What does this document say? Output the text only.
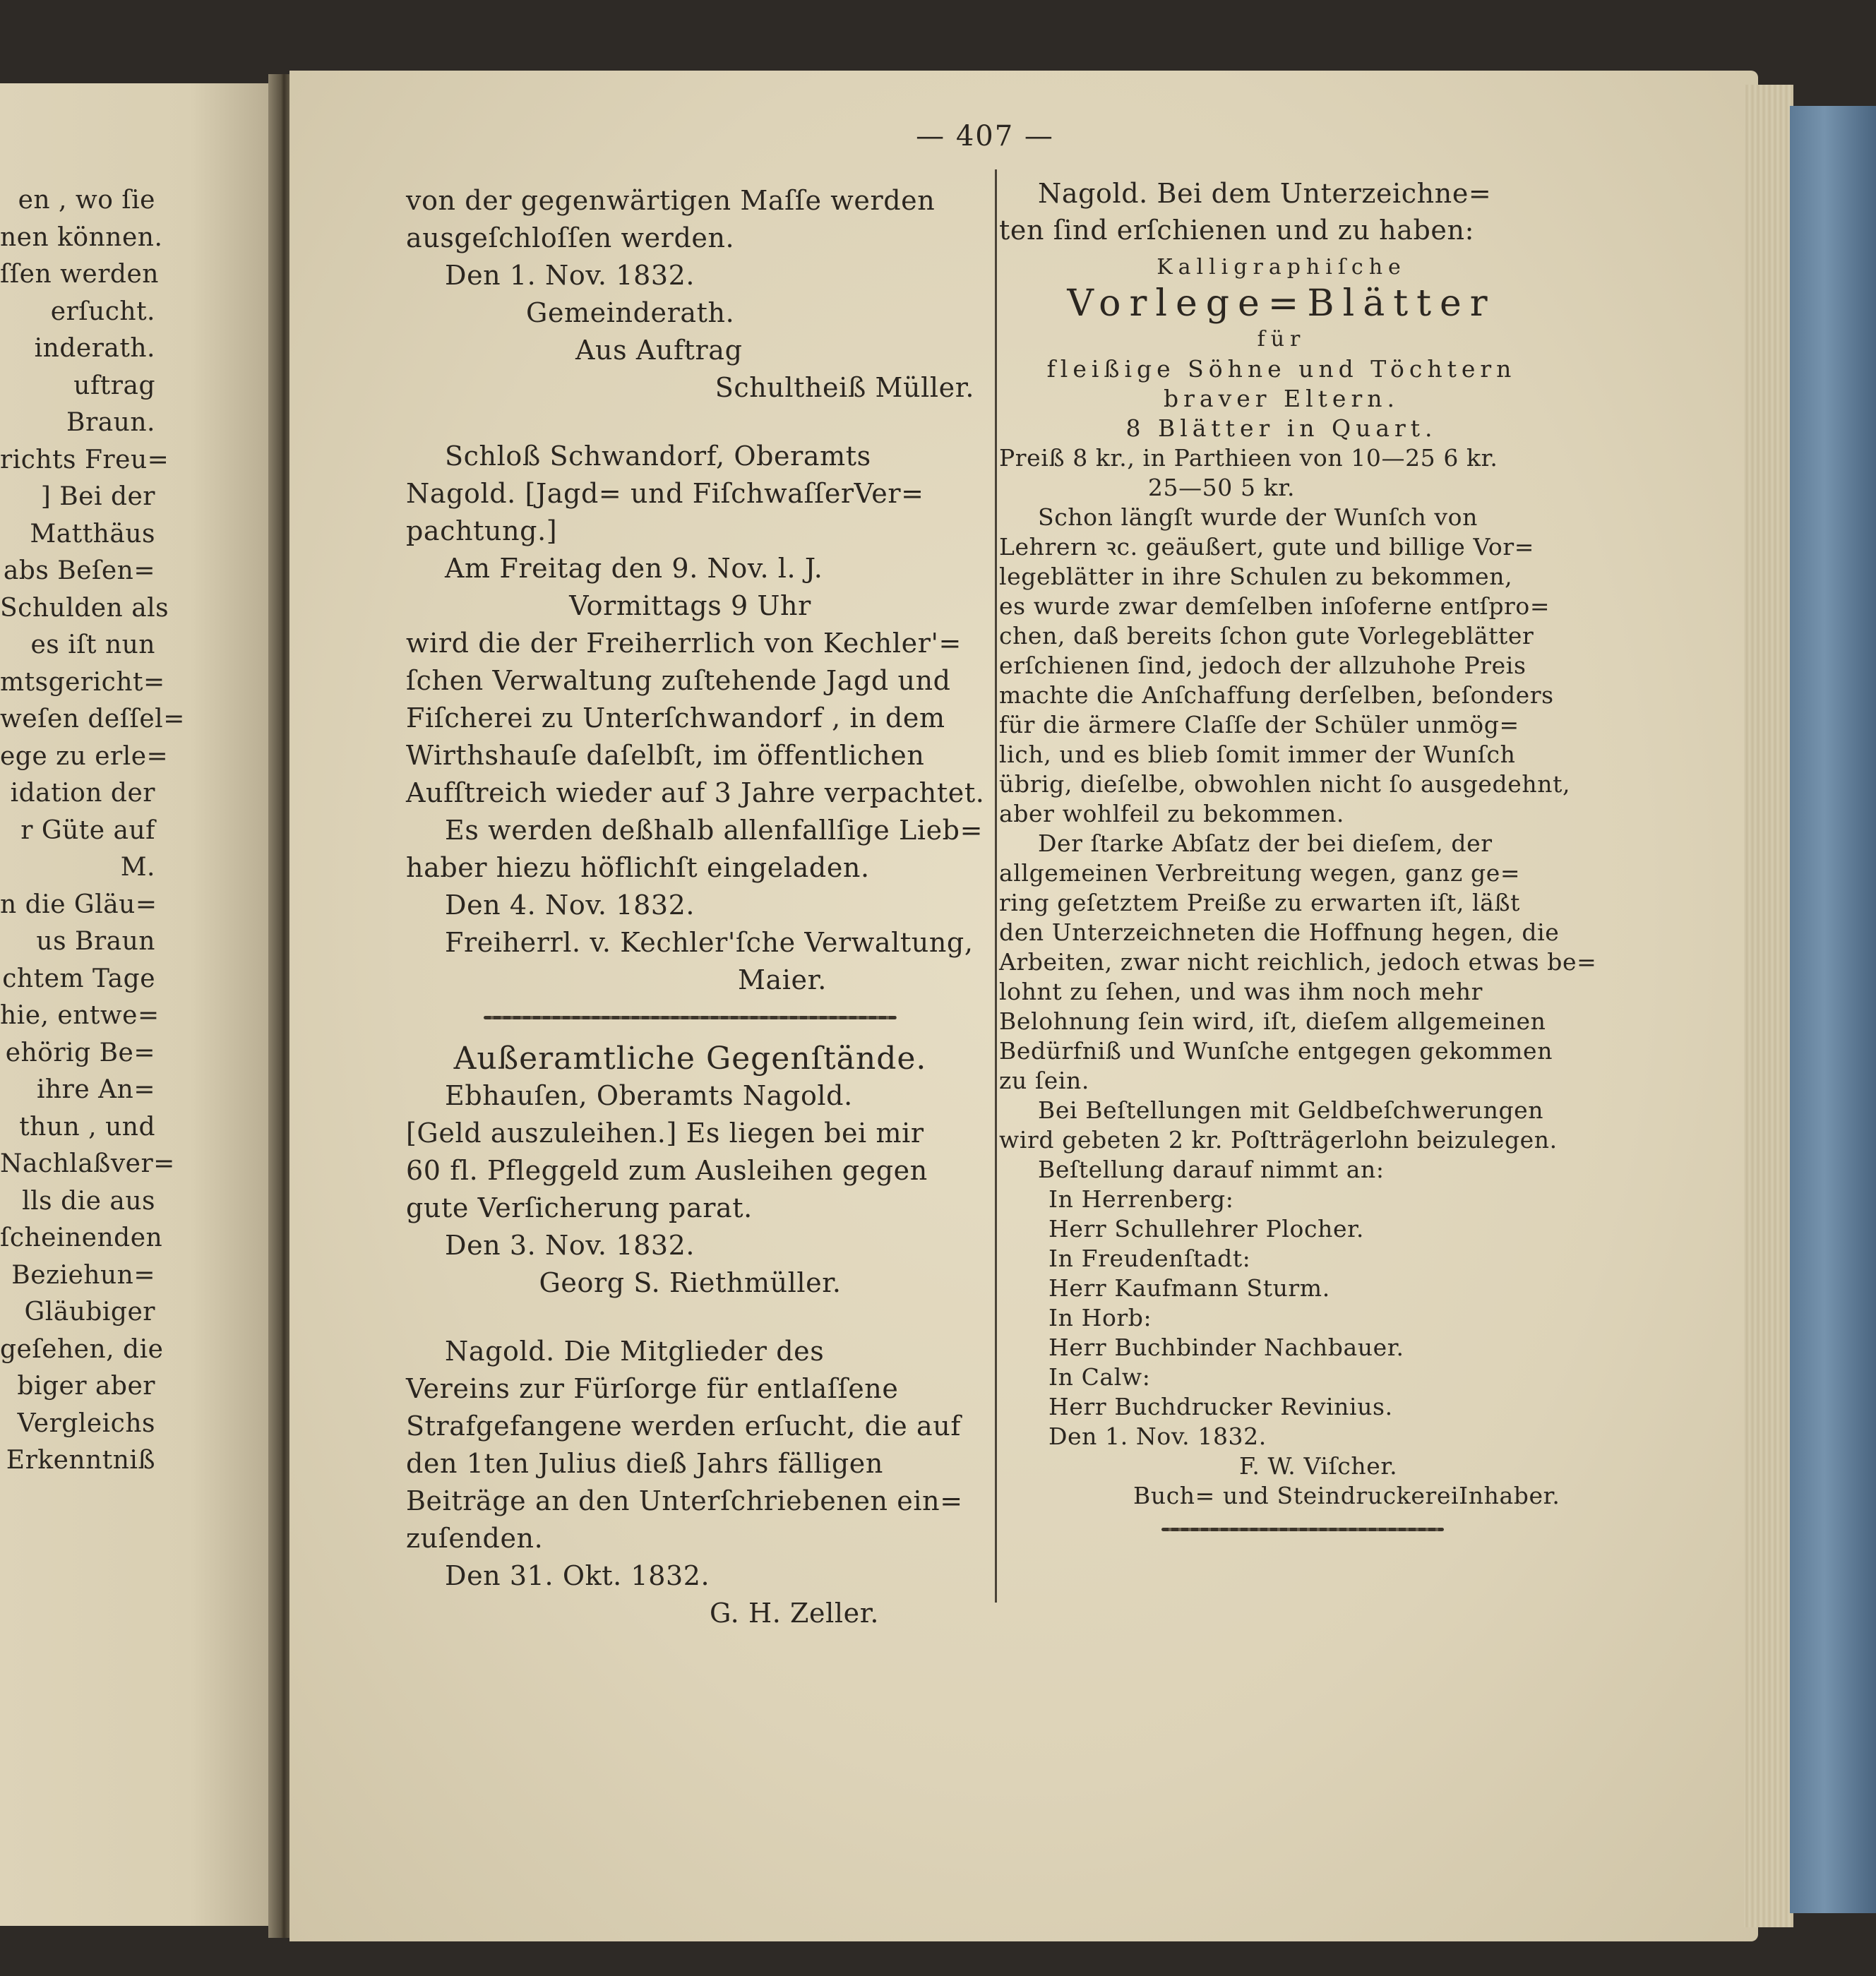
en , wo ſie
nen können.
ſſen werden
erſucht.
inderath.
uftrag
Braun.
richts Freu=
] Bei der
Matthäus
abs Beſen=
Schulden als
es iſt nun
mtsgericht=
weſen deſſel=
ege zu erle=
idation der
r Güte auf
M.
n die Gläu=
us Braun
chtem Tage
hie, entwe=
ehörig Be=
ihre An=
thun , und
Nachlaßver=
lls die aus
ſcheinenden
Beziehun=
Gläubiger
geſehen, die
biger aber
Vergleichs
Erkenntniß
— 407 —
von der gegenwärtigen Maſſe werden
ausgeſchloſſen werden.
Den 1. Nov. 1832.
Gemeinderath.
Aus Auftrag
Schultheiß Müller.
Schloß Schwandorf, Oberamts
Nagold. [Jagd= und FiſchwaſſerVer=
pachtung.]
Am Freitag den 9. Nov. l. J.
Vormittags 9 Uhr
wird die der Freiherrlich von Kechler'=
ſchen Verwaltung zuſtehende Jagd und
Fiſcherei zu Unterſchwandorf , in dem
Wirthshauſe daſelbſt, im öffentlichen
Aufſtreich wieder auf 3 Jahre verpachtet.
Es werden deßhalb allenfallſige Lieb=
haber hiezu höflichſt eingeladen.
Den 4. Nov. 1832.
Freiherrl. v. Kechler'ſche Verwaltung,
Maier.
Außeramtliche Gegenſtände.
Ebhauſen, Oberamts Nagold.
[Geld auszuleihen.] Es liegen bei mir
60 fl. Pfleggeld zum Ausleihen gegen
gute Verſicherung parat.
Den 3. Nov. 1832.
Georg S. Riethmüller.
Nagold. Die Mitglieder des
Vereins zur Fürſorge für entlaſſene
Strafgefangene werden erſucht, die auf
den 1ten Julius dieß Jahrs fälligen
Beiträge an den Unterſchriebenen ein=
zuſenden.
Den 31. Okt. 1832.
G. H. Zeller.
Nagold. Bei dem Unterzeichne=
ten ſind erſchienen und zu haben:
Kalligraphiſche
Vorlege=Blätter
für
fleißige Söhne und Töchtern
braver Eltern.
8 Blätter in Quart.
Preiß 8 kr., in Parthieen von 10—25 6 kr.
25—50 5 kr.
Schon längſt wurde der Wunſch von
Lehrern ꝛc. geäußert, gute und billige Vor=
legeblätter in ihre Schulen zu bekommen,
es wurde zwar demſelben inſoferne entſpro=
chen, daß bereits ſchon gute Vorlegeblätter
erſchienen ſind, jedoch der allzuhohe Preis
machte die Anſchaffung derſelben, beſonders
für die ärmere Claſſe der Schüler unmög=
lich, und es blieb ſomit immer der Wunſch
übrig, dieſelbe, obwohlen nicht ſo ausgedehnt,
aber wohlfeil zu bekommen.
Der ſtarke Abſatz der bei dieſem, der
allgemeinen Verbreitung wegen, ganz ge=
ring geſetztem Preiße zu erwarten iſt, läßt
den Unterzeichneten die Hoffnung hegen, die
Arbeiten, zwar nicht reichlich, jedoch etwas be=
lohnt zu ſehen, und was ihm noch mehr
Belohnung ſein wird, iſt, dieſem allgemeinen
Bedürfniß und Wunſche entgegen gekommen
zu ſein.
Bei Beſtellungen mit Geldbeſchwerungen
wird gebeten 2 kr. Poſtträgerlohn beizulegen.
Beſtellung darauf nimmt an:
In Herrenberg:
Herr Schullehrer Plocher.
In Freudenſtadt:
Herr Kaufmann Sturm.
In Horb:
Herr Buchbinder Nachbauer.
In Calw:
Herr Buchdrucker Revinius.
Den 1. Nov. 1832.
F. W. Viſcher.
Buch= und SteindruckereiInhaber.
